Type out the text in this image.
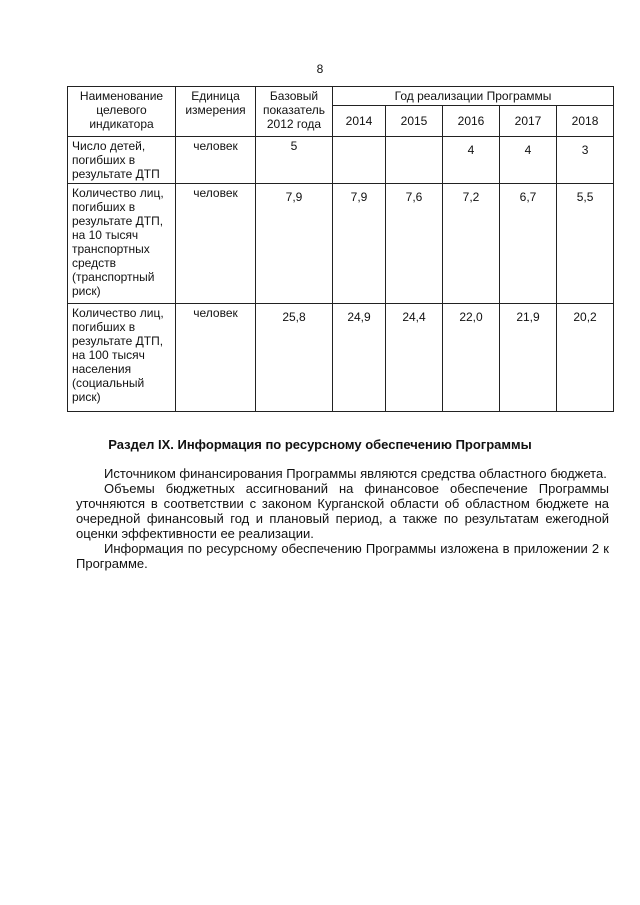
8
Наименование целевого индикатора	Единица измерения	Базовый показатель 2012 года	Год реализации Программы				
			2014	2015	2016	2017	2018
Число детей, погибших в результате ДТП	человек	5			4	4	3
Количество лиц, погибших в результате ДТП, на 10 тысяч транспортных средств (транспортный риск)	человек	7,9	7,9	7,6	7,2	6,7	5,5
Количество лиц, погибших в результате ДТП, на 100 тысяч населения (социальный риск)	человек	25,8	24,9	24,4	22,0	21,9	20,2
Раздел IX. Информация по ресурсному обеспечению Программы

Источником финансирования Программы являются средства областного бюджета.

Объемы бюджетных ассигнований на финансовое обеспечение Программы уточняются в соответствии с законом Курганской области об областном бюджете на очередной финансовый год и плановый период, а также по результатам ежегодной оценки эффективности ее реализации.

Информация по ресурсному обеспечению Программы изложена в приложении 2 к Программе.
